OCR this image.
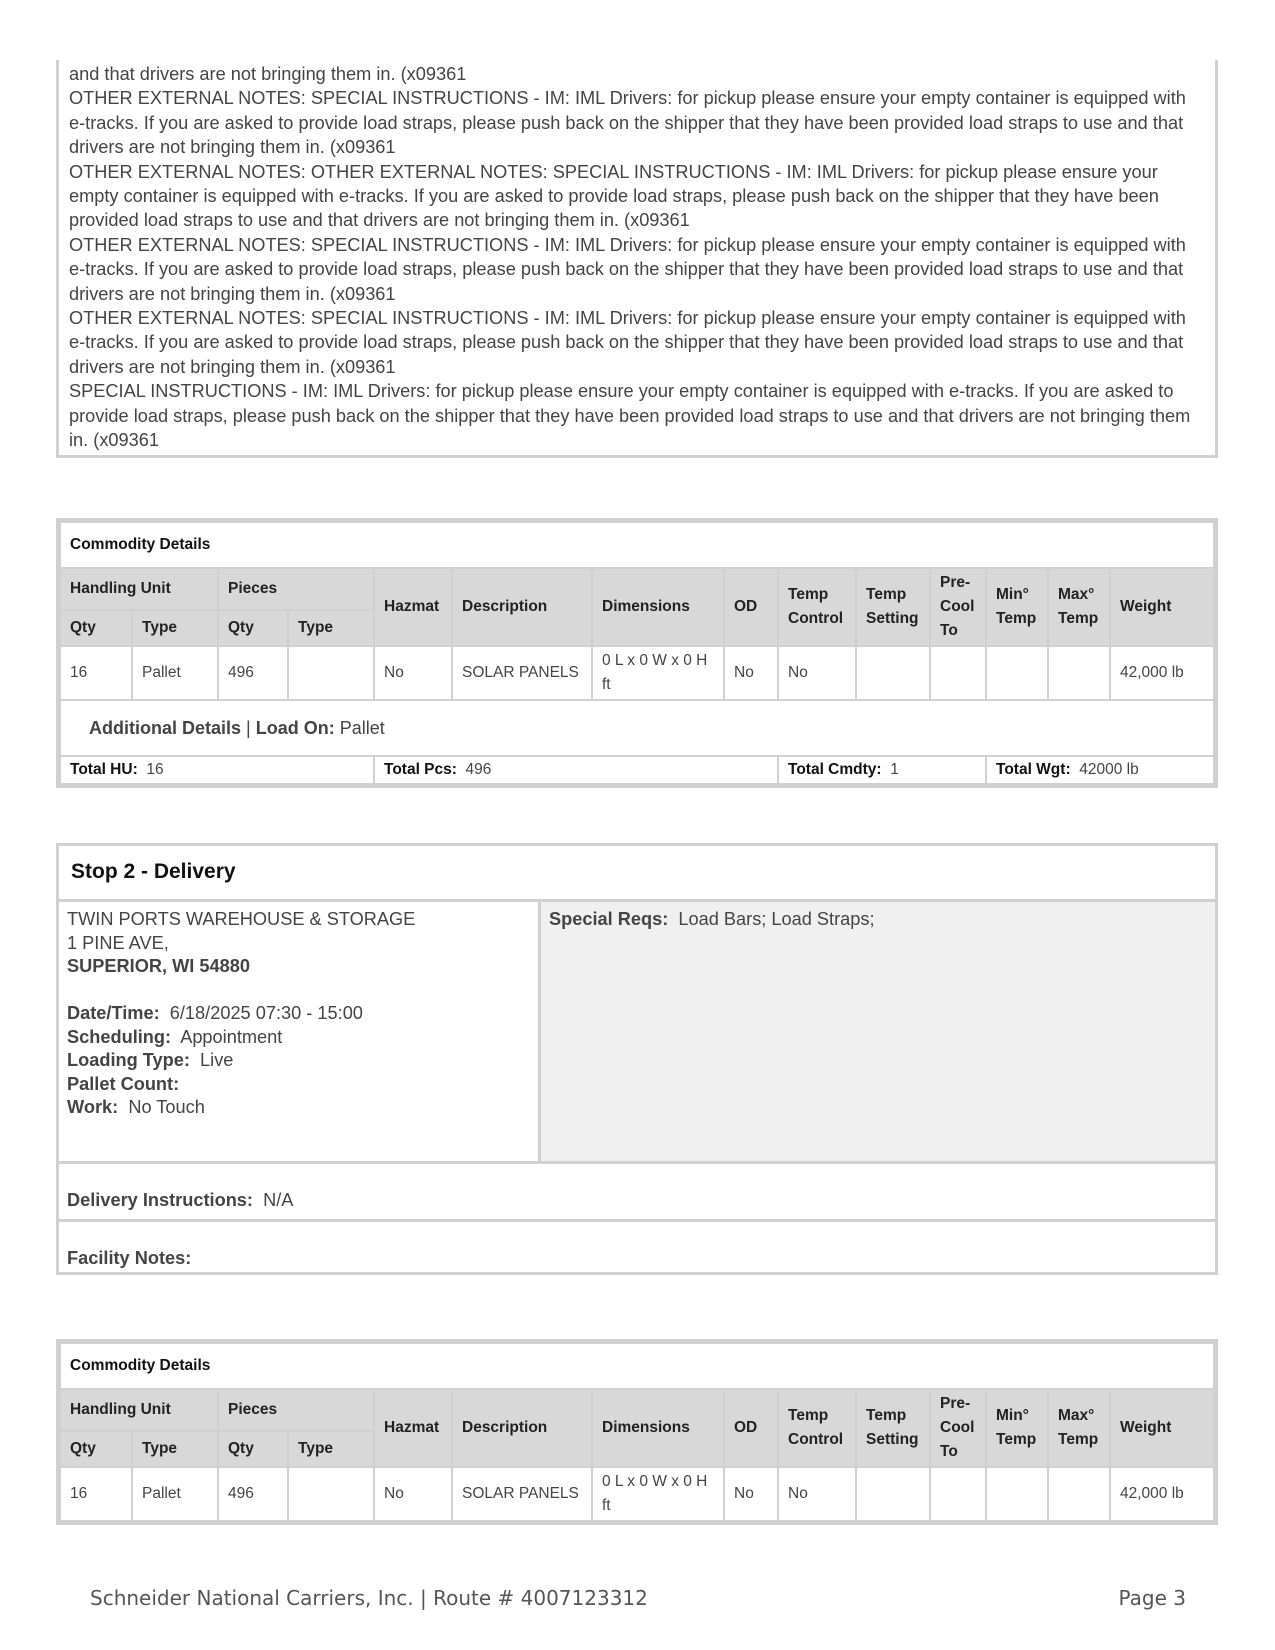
and that drivers are not bringing them in. (x09361

OTHER EXTERNAL NOTES: SPECIAL INSTRUCTIONS - IM: IML Drivers: for pickup please ensure your empty container is equipped with e-tracks. If you are asked to provide load straps, please push back on the shipper that they have been provided load straps to use and that drivers are not bringing them in. (x09361

OTHER EXTERNAL NOTES: OTHER EXTERNAL NOTES: SPECIAL INSTRUCTIONS - IM: IML Drivers: for pickup please ensure your empty container is equipped with e-tracks. If you are asked to provide load straps, please push back on the shipper that they have been provided load straps to use and that drivers are not bringing them in. (x09361

OTHER EXTERNAL NOTES: SPECIAL INSTRUCTIONS - IM: IML Drivers: for pickup please ensure your empty container is equipped with e-tracks. If you are asked to provide load straps, please push back on the shipper that they have been provided load straps to use and that drivers are not bringing them in. (x09361

OTHER EXTERNAL NOTES: SPECIAL INSTRUCTIONS - IM: IML Drivers: for pickup please ensure your empty container is equipped with e-tracks. If you are asked to provide load straps, please push back on the shipper that they have been provided load straps to use and that drivers are not bringing them in. (x09361

SPECIAL INSTRUCTIONS - IM: IML Drivers: for pickup please ensure your empty container is equipped with e-tracks. If you are asked to provide load straps, please push back on the shipper that they have been provided load straps to use and that drivers are not bringing them in. (x09361

Commodity Details													
Handling Unit		Pieces		Hazmat	Description	Dimensions	OD	Temp Control	Temp Setting	Pre- Cool To	Min° Temp	Max° Temp	Weight
Qty	Type	Qty	Type										
16	Pallet	496		No	SOLAR PANELS	0 L x 0 W x 0 H ft	No	No					42,000 lb
Additional Details | Load On: Pallet													
Total HU: 16				Total Pcs: 496				Total Cmdty: 1			Total Wgt: 42000 lb		
Stop 2 - Delivery
TWIN PORTS WAREHOUSE & STORAGE
1 PINE AVE,
SUPERIOR, WI 54880

Date/Time: 6/18/2025 07:30 - 15:00
Scheduling: Appointment
Loading Type: Live
Pallet Count:
Work: No Touch
Special Reqs: Load Bars; Load Straps;
Delivery Instructions: N/A
Facility Notes:
Commodity Details													
Handling Unit		Pieces		Hazmat	Description	Dimensions	OD	Temp Control	Temp Setting	Pre- Cool To	Min° Temp	Max° Temp	Weight
Qty	Type	Qty	Type										
16	Pallet	496		No	SOLAR PANELS	0 L x 0 W x 0 H ft	No	No					42,000 lb
Schneider National Carriers, Inc. | Route # 4007123312	Page 3
